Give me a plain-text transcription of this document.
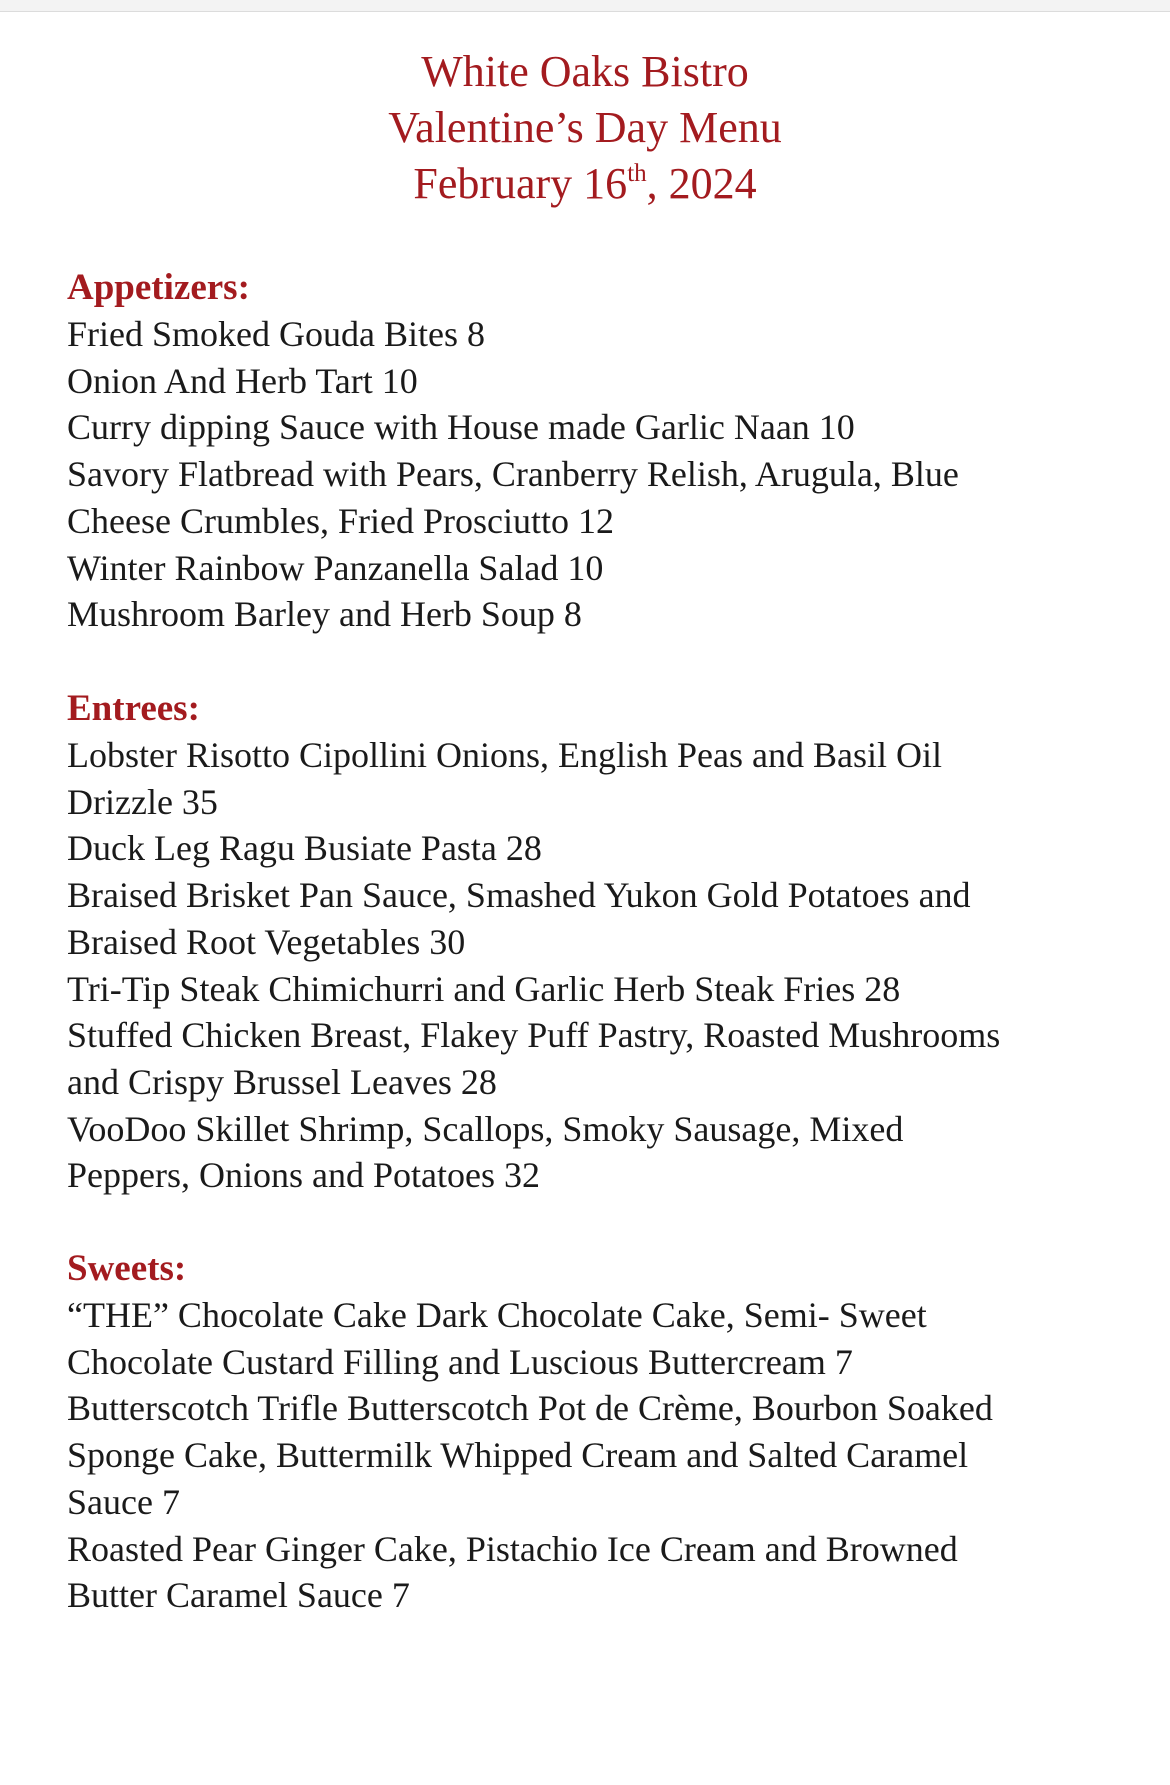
White Oaks Bistro
Valentine’s Day Menu
February 16th, 2024
Appetizers:
Fried Smoked Gouda Bites 8
Onion And Herb Tart 10
Curry dipping Sauce with House made Garlic Naan 10
Savory Flatbread with Pears, Cranberry Relish, Arugula, Blue
Cheese Crumbles, Fried Prosciutto 12
Winter Rainbow Panzanella Salad 10
Mushroom Barley and Herb Soup 8
Entrees:
Lobster Risotto Cipollini Onions, English Peas and Basil Oil
Drizzle 35
Duck Leg Ragu Busiate Pasta 28
Braised Brisket Pan Sauce, Smashed Yukon Gold Potatoes and
Braised Root Vegetables 30
Tri-Tip Steak Chimichurri and Garlic Herb Steak Fries 28
Stuffed Chicken Breast, Flakey Puff Pastry, Roasted Mushrooms
and Crispy Brussel Leaves 28
VooDoo Skillet Shrimp, Scallops, Smoky Sausage, Mixed
Peppers, Onions and Potatoes 32
Sweets:
“THE” Chocolate Cake Dark Chocolate Cake, Semi- Sweet
Chocolate Custard Filling and Luscious Buttercream 7
Butterscotch Trifle Butterscotch Pot de Crème, Bourbon Soaked
Sponge Cake, Buttermilk Whipped Cream and Salted Caramel
Sauce 7
Roasted Pear Ginger Cake, Pistachio Ice Cream and Browned
Butter Caramel Sauce 7
